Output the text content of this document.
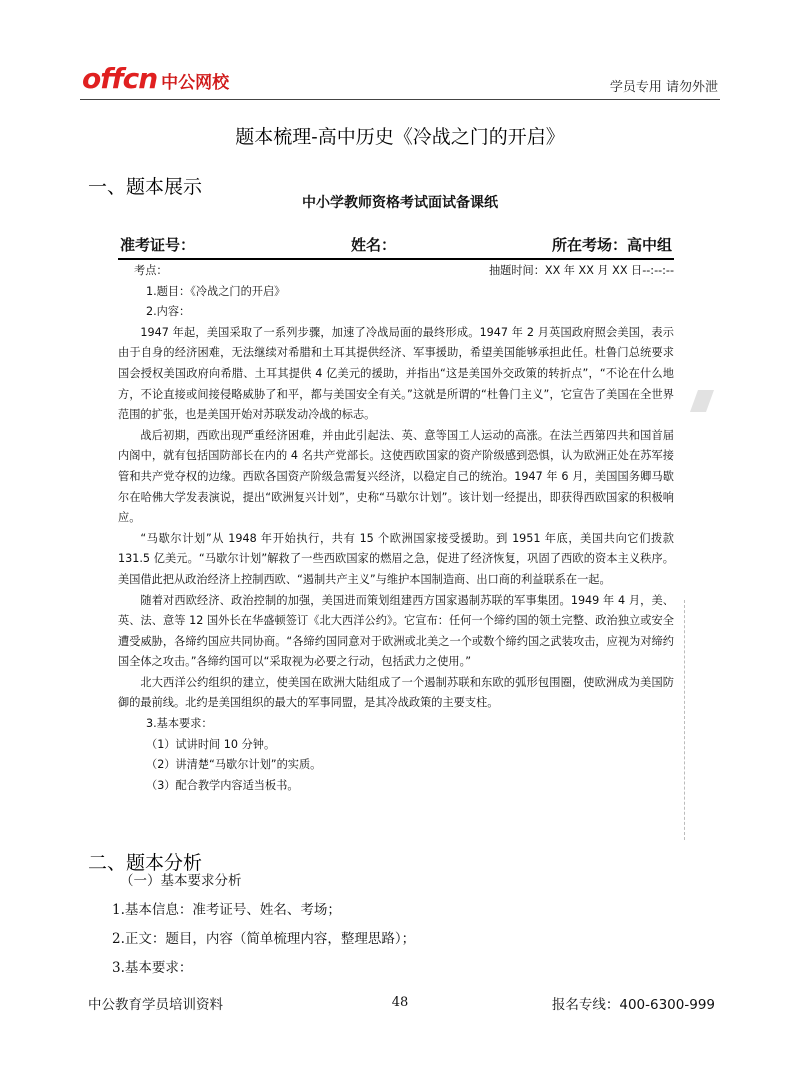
offcn 中公网校	学员专用 请勿外泄
题本梳理-高中历史《冷战之门的开启》
一、题本展示
中小学教师资格考试面试备课纸
准考证号：	姓名：	所在考场：高中组
考点：	抽题时间：XX 年 XX 月 XX 日--:--:--

1.题目：《冷战之门的开启》

2.内容：

1947 年起，美国采取了一系列步骤，加速了冷战局面的最终形成。1947 年 2 月英国政府照会美国，表示由于自身的经济困难，无法继续对希腊和土耳其提供经济、军事援助，希望美国能够承担此任。杜鲁门总统要求国会授权美国政府向希腊、土耳其提供 4 亿美元的援助，并指出“这是美国外交政策的转折点”，“不论在什么地方，不论直接或间接侵略威胁了和平，都与美国安全有关。”这就是所谓的“杜鲁门主义”，它宣告了美国在全世界范围的扩张，也是美国开始对苏联发动冷战的标志。

战后初期，西欧出现严重经济困难，并由此引起法、英、意等国工人运动的高涨。在法兰西第四共和国首届内阁中，就有包括国防部长在内的 4 名共产党部长。这使西欧国家的资产阶级感到恐惧，认为欧洲正处在苏军接管和共产党夺权的边缘。西欧各国资产阶级急需复兴经济，以稳定自己的统治。1947 年 6 月，美国国务卿马歇尔在哈佛大学发表演说，提出“欧洲复兴计划”，史称“马歇尔计划”。该计划一经提出，即获得西欧国家的积极响应。

“马歇尔计划”从 1948 年开始执行，共有 15 个欧洲国家接受援助。到 1951 年底，美国共向它们拨款 131.5 亿美元。“马歇尔计划”解救了一些西欧国家的燃眉之急，促进了经济恢复，巩固了西欧的资本主义秩序。美国借此把从政治经济上控制西欧、“遏制共产主义”与维护本国制造商、出口商的利益联系在一起。

随着对西欧经济、政治控制的加强，美国进而策划组建西方国家遏制苏联的军事集团。1949 年 4 月，美、英、法、意等 12 国外长在华盛顿签订《北大西洋公约》。它宣布：任何一个缔约国的领土完整、政治独立或安全遭受威胁，各缔约国应共同协商。“各缔约国同意对于欧洲或北美之一个或数个缔约国之武装攻击，应视为对缔约国全体之攻击。”各缔约国可以“采取视为必要之行动，包括武力之使用。”

北大西洋公约组织的建立，使美国在欧洲大陆组成了一个遏制苏联和东欧的弧形包围圈，使欧洲成为美国防御的最前线。北约是美国组织的最大的军事同盟，是其冷战政策的主要支柱。

3.基本要求：

（1）试讲时间 10 分钟。

（2）讲清楚“马歇尔计划”的实质。

（3）配合教学内容适当板书。

二、题本分析
（一）基本要求分析
1.基本信息：准考证号、姓名、考场；
2.正文：题目，内容（简单梳理内容，整理思路）；
3.基本要求：
中公教育学员培训资料	48	报名专线：400-6300-999
